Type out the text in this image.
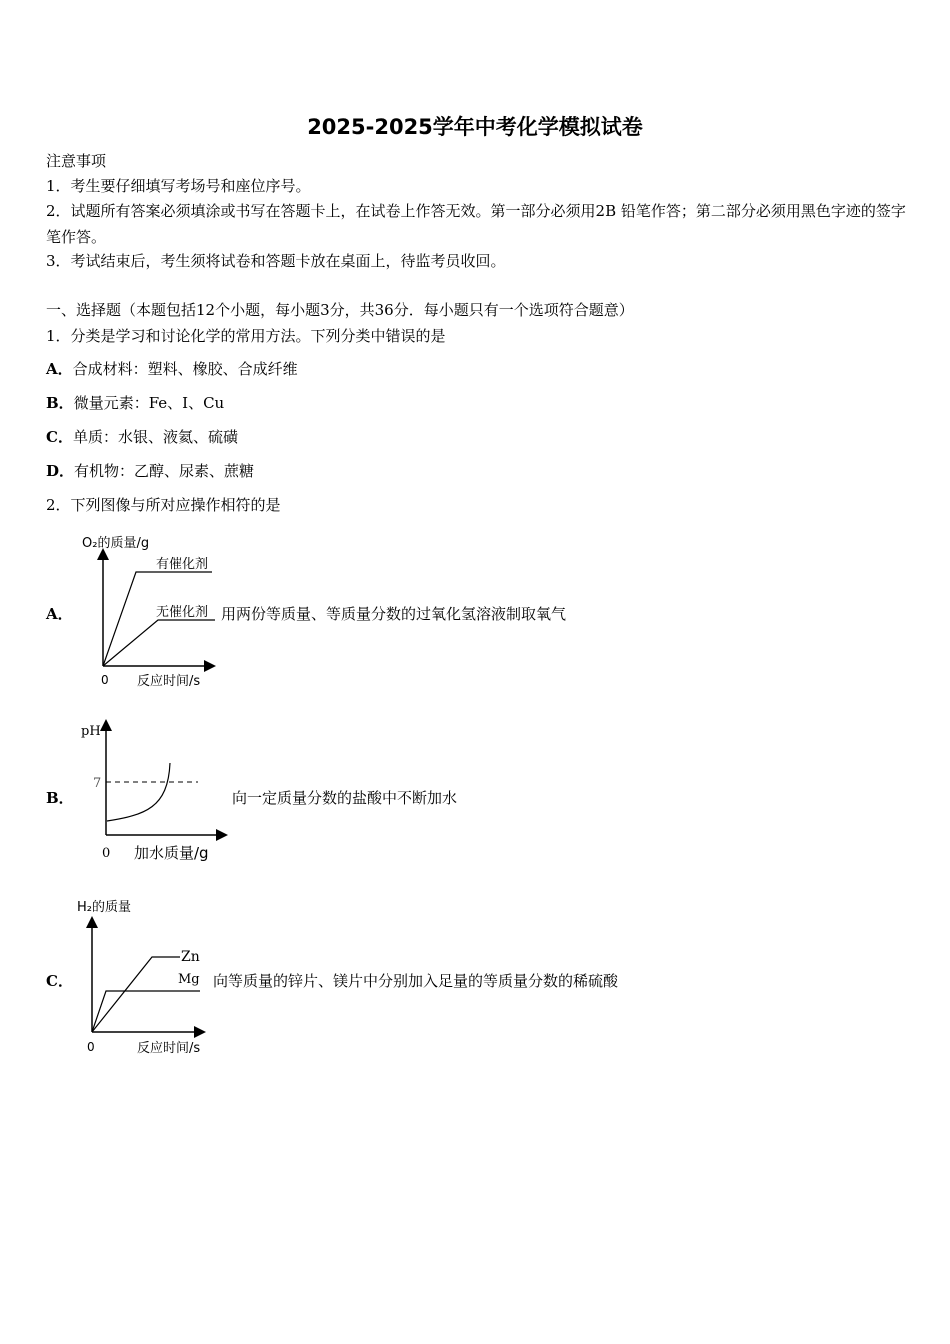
2025-2025学年中考化学模拟试卷
注意事项
1．考生要仔细填写考场号和座位序号。
2．试题所有答案必须填涂或书写在答题卡上，在试卷上作答无效。第一部分必须用2B 铅笔作答；第二部分必须用黑色字迹的签字笔作答。
3．考试结束后，考生须将试卷和答题卡放在桌面上，待监考员收回。
一、选择题（本题包括12个小题，每小题3分，共36分．每小题只有一个选项符合题意）
1．分类是学习和讨论化学的常用方法。下列分类中错误的是
A．合成材料：塑料、橡胶、合成纤维
B．微量元素：Fe、I、Cu
C．单质：水银、液氦、硫磺
D．有机物：乙醇、尿素、蔗糖
2．下列图像与所对应操作相符的是
A．
O₂的质量/g
有催化剂
无催化剂
0 反应时间/s
用两份等质量、等质量分数的过氧化氢溶液制取氧气
B．
pH
7
0 加水质量/g
向一定质量分数的盐酸中不断加水
C．
H₂的质量
Zn
Mg
0	反应时间/s
向等质量的锌片、镁片中分别加入足量的等质量分数的稀硫酸
